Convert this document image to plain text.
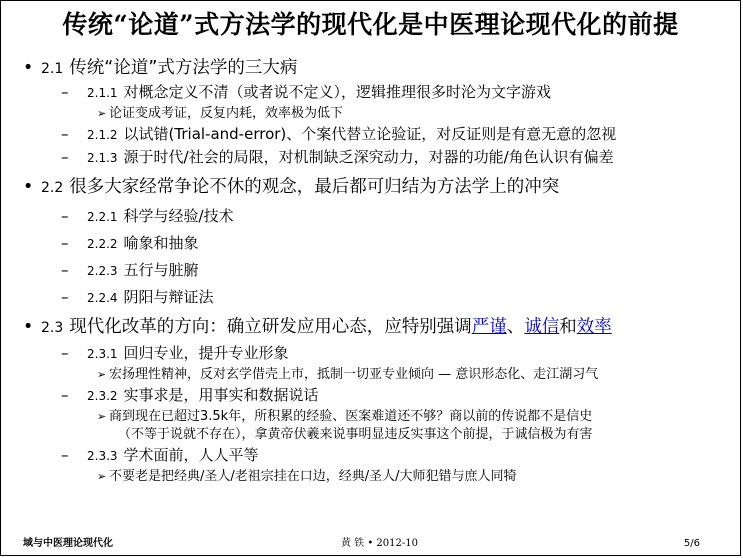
传统“论道”式方法学的现代化是中医理论现代化的前提
• 2.1 传统“论道”式方法学的三大病
– 2.1.1 对概念定义不清（或者说不定义），逻辑推理很多时沦为文字游戏
➢ 论证变成考证，反复内耗，效率极为低下
– 2.1.2 以试错(Trial-and-error)、个案代替立论验证，对反证则是有意无意的忽视
– 2.1.3 源于时代/社会的局限，对机制缺乏深究动力，对器的功能/角色认识有偏差
• 2.2 很多大家经常争论不休的观念，最后都可归结为方法学上的冲突
– 2.2.1 科学与经验/技术
– 2.2.2 喻象和抽象
– 2.2.3 五行与脏腑
– 2.2.4 阴阳与辩证法
• 2.3 现代化改革的方向：确立研发应用心态，应特别强调严谨、诚信和效率
– 2.3.1 回归专业，提升专业形象
➢ 宏扬理性精神，反对玄学借壳上市，抵制一切亚专业倾向 — 意识形态化、走江湖习气
– 2.3.2 实事求是，用事实和数据说话
➢ 商到现在已超过3.5k年，所积累的经验、医案难道还不够？商以前的传说都不是信史
（不等于说就不存在），拿黄帝伏羲来说事明显违反实事这个前提，于诚信极为有害
– 2.3.3 学术面前，人人平等
➢ 不要老是把经典/圣人/老祖宗挂在口边，经典/圣人/大师犯错与庶人同犄
域与中医理论现代化	黄 铁 • 2012-10	5/6
